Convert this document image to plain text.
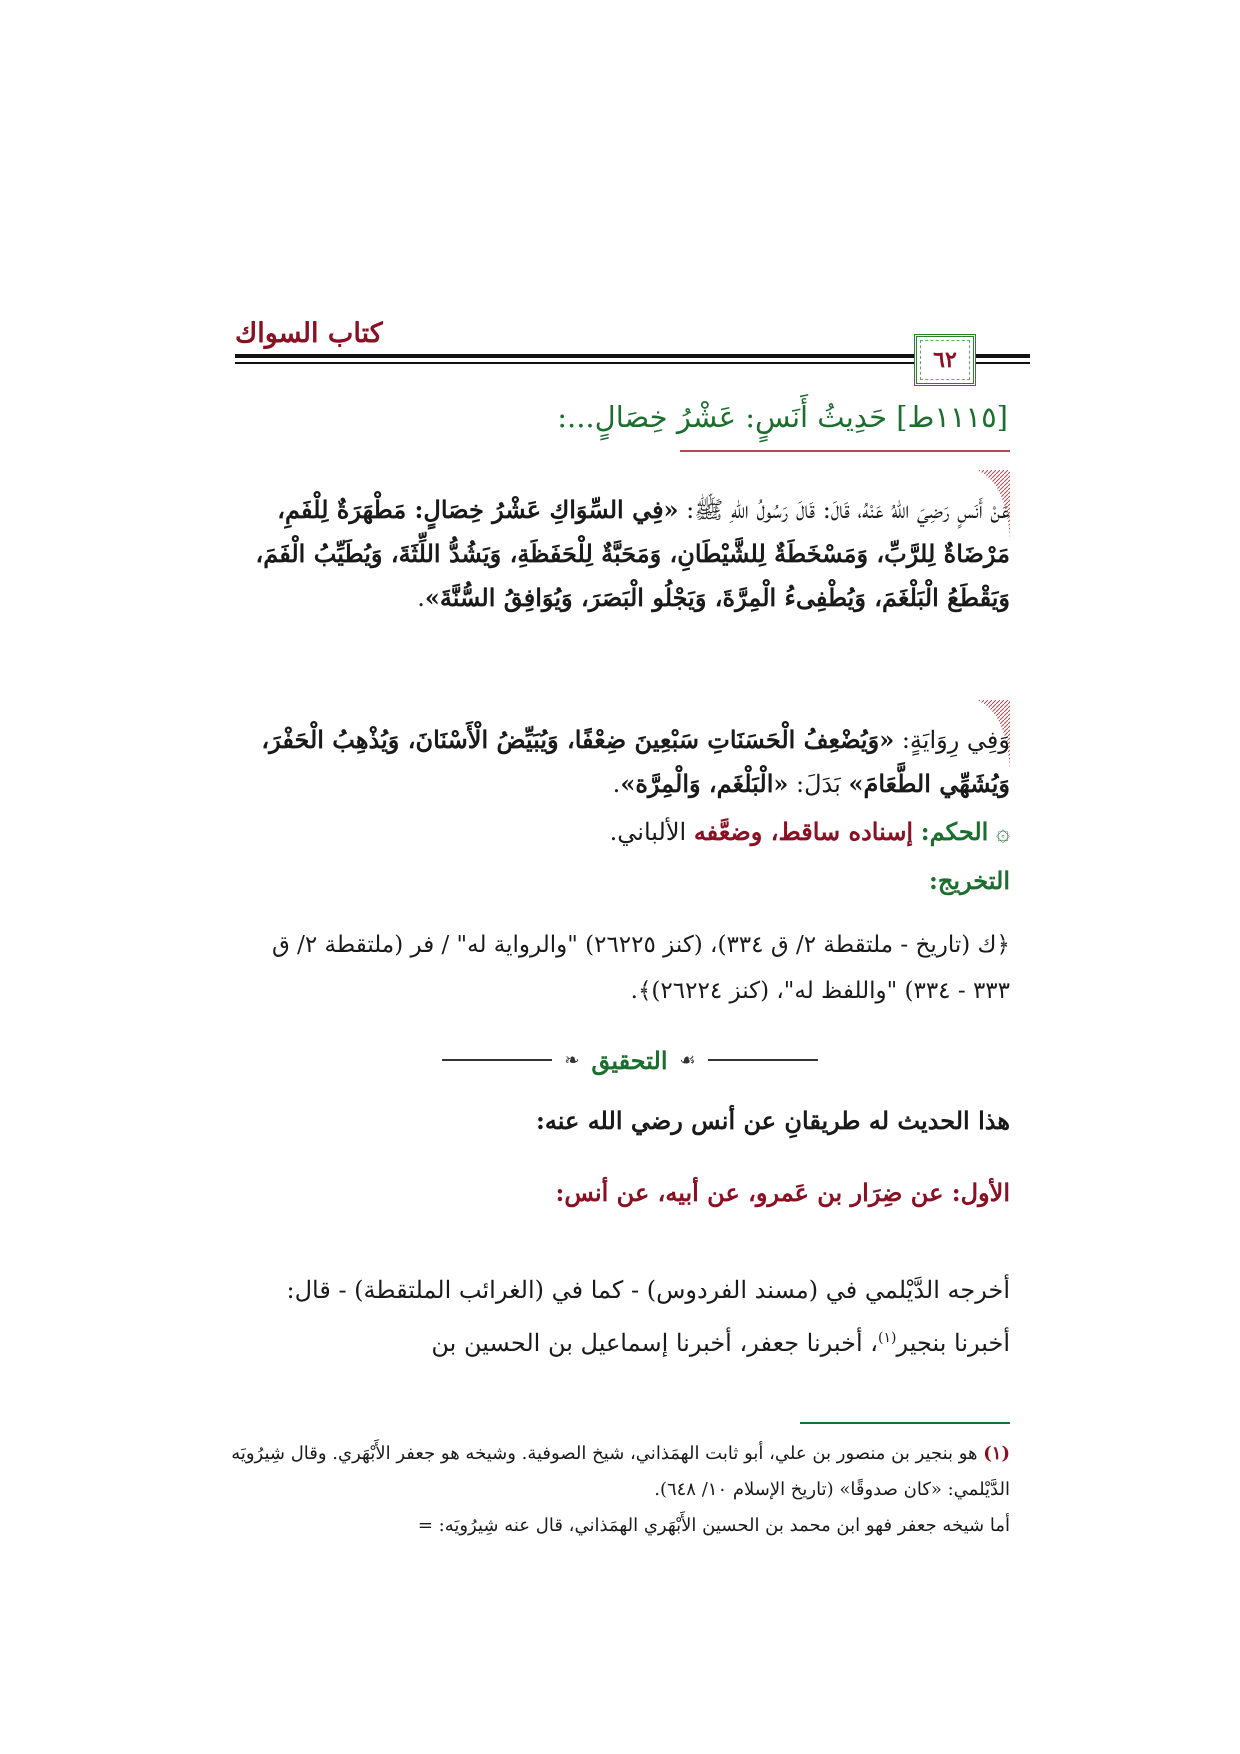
كتاب السواك
٦٢
[١١١٥ط] حَدِيثُ أَنَسٍ: عَشْرُ خِصَالٍ...:
عَنْ أَنَسٍ رَضِيَ اللهُ عَنْهُ، قَالَ: قَالَ رَسُولُ اللهِ ﷺ: «فِي السِّوَاكِ عَشْرُ خِصَالٍ: مَطْهَرَةٌ لِلْفَمِ، مَرْضَاةٌ لِلرَّبِّ، وَمَسْخَطَةٌ لِلشَّيْطَانِ، وَمَحَبَّةٌ لِلْحَفَظَةِ، وَيَشُدُّ اللِّثَةَ، وَيُطَيِّبُ الْفَمَ، وَيَقْطَعُ الْبَلْغَمَ، وَيُطْفِىءُ الْمِرَّةَ، وَيَجْلُو الْبَصَرَ، وَيُوَافِقُ السُّنَّةَ».
وَفِي رِوَايَةٍ: «وَيُضْعِفُ الْحَسَنَاتِ سَبْعِينَ ضِعْفًا، وَيُبَيِّضُ الْأَسْنَانَ، وَيُذْهِبُ الْحَفْرَ، وَيُشَهِّي الطَّعَامَ» بَدَلَ: «الْبَلْغَم، وَالْمِرَّة».
۞ الحكم: إسناده ساقط، وضعَّفه الألباني.
التخريج:
﴿ك (تاريخ - ملتقطة ٢/ ق ٣٣٤)، (كنز ٢٦٢٢٥) "والرواية له" / فر (ملتقطة ٢/ ق ٣٣٣ - ٣٣٤) "واللفظ له"، (كنز ٢٦٢٢٤)﴾.
❧ التحقيق ☙
هذا الحديث له طريقانِ عن أنس رضي الله عنه:
الأول: عن ضِرَار بن عَمرو، عن أبيه، عن أنس:
أخرجه الدَّيْلمي في (مسند الفردوس) - كما في (الغرائب الملتقطة) - قال: أخبرنا بنجير$^{(١)}$، أخبرنا جعفر، أخبرنا إسماعيل بن الحسين بن
(١) هو بنجير بن منصور بن علي، أبو ثابت الهمَذاني، شيخ الصوفية. وشيخه هو جعفر الأَبْهَري. وقال شِيرُويَه الدَّيْلمي: «كان صدوقًا» (تاريخ الإسلام ١٠/ ٦٤٨).
أما شيخه جعفر فهو ابن محمد بن الحسين الأَبْهَري الهمَذاني، قال عنه شِيرُويَه: =
